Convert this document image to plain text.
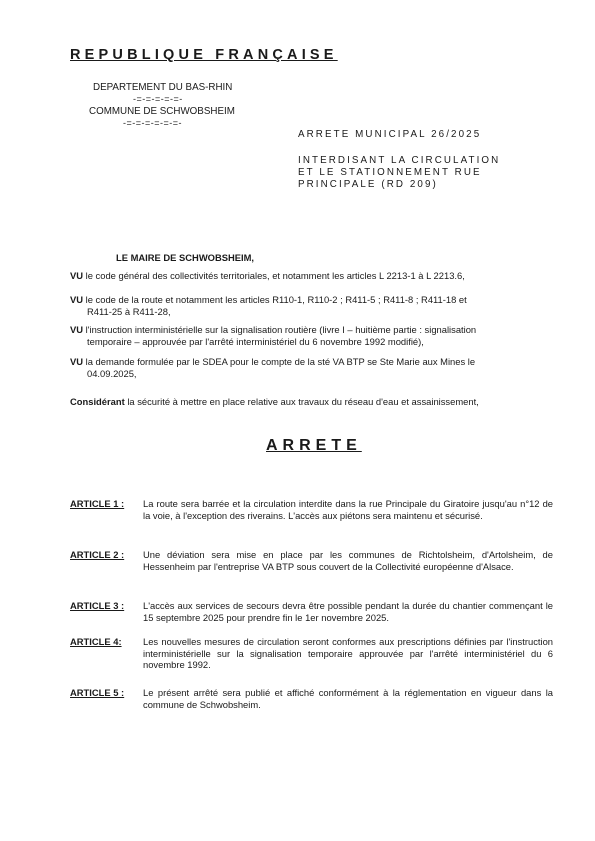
REPUBLIQUE FRANÇAISE
DEPARTEMENT DU BAS-RHIN
-=-=-=-=-=-
COMMUNE DE SCHWOBSHEIM
-=-=-=-=-=-=-
ARRETE MUNICIPAL 26/2025
INTERDISANT LA CIRCULATION
ET LE STATIONNEMENT RUE
PRINCIPALE (RD 209)
LE MAIRE DE SCHWOBSHEIM,
VU le code général des collectivités territoriales, et notamment les articles L 2213-1 à L 2213.6,
VU le code de la route et notamment les articles R110-1, R110-2 ; R411-5 ; R411-8 ; R411-18 et
R411-25 à R411-28,
VU l'instruction interministérielle sur la signalisation routière (livre I – huitième partie : signalisation
temporaire – approuvée par l'arrêté interministériel du 6 novembre 1992 modifié),
VU la demande formulée par le SDEA pour le compte de la sté VA BTP se Ste Marie aux Mines le
04.09.2025,
Considérant la sécurité à mettre en place relative aux travaux du réseau d'eau et assainissement,
ARRETE
ARTICLE 1 : La route sera barrée et la circulation interdite dans la rue Principale du Giratoire jusqu'au n°12 de la voie, à l'exception des riverains. L'accès aux piétons sera maintenu et sécurisé.
ARTICLE 2 : Une déviation sera mise en place par les communes de Richtolsheim, d'Artolsheim, de Hessenheim par l'entreprise VA BTP sous couvert de la Collectivité européenne d'Alsace.
ARTICLE 3 : L'accès aux services de secours devra être possible pendant la durée du chantier commençant le 15 septembre 2025 pour prendre fin le 1er novembre 2025.
ARTICLE 4: Les nouvelles mesures de circulation seront conformes aux prescriptions définies par l'instruction interministérielle sur la signalisation temporaire approuvée par l'arrêté interministériel du 6 novembre 1992.
ARTICLE 5 : Le présent arrêté sera publié et affiché conformément à la réglementation en vigueur dans la commune de Schwobsheim.
